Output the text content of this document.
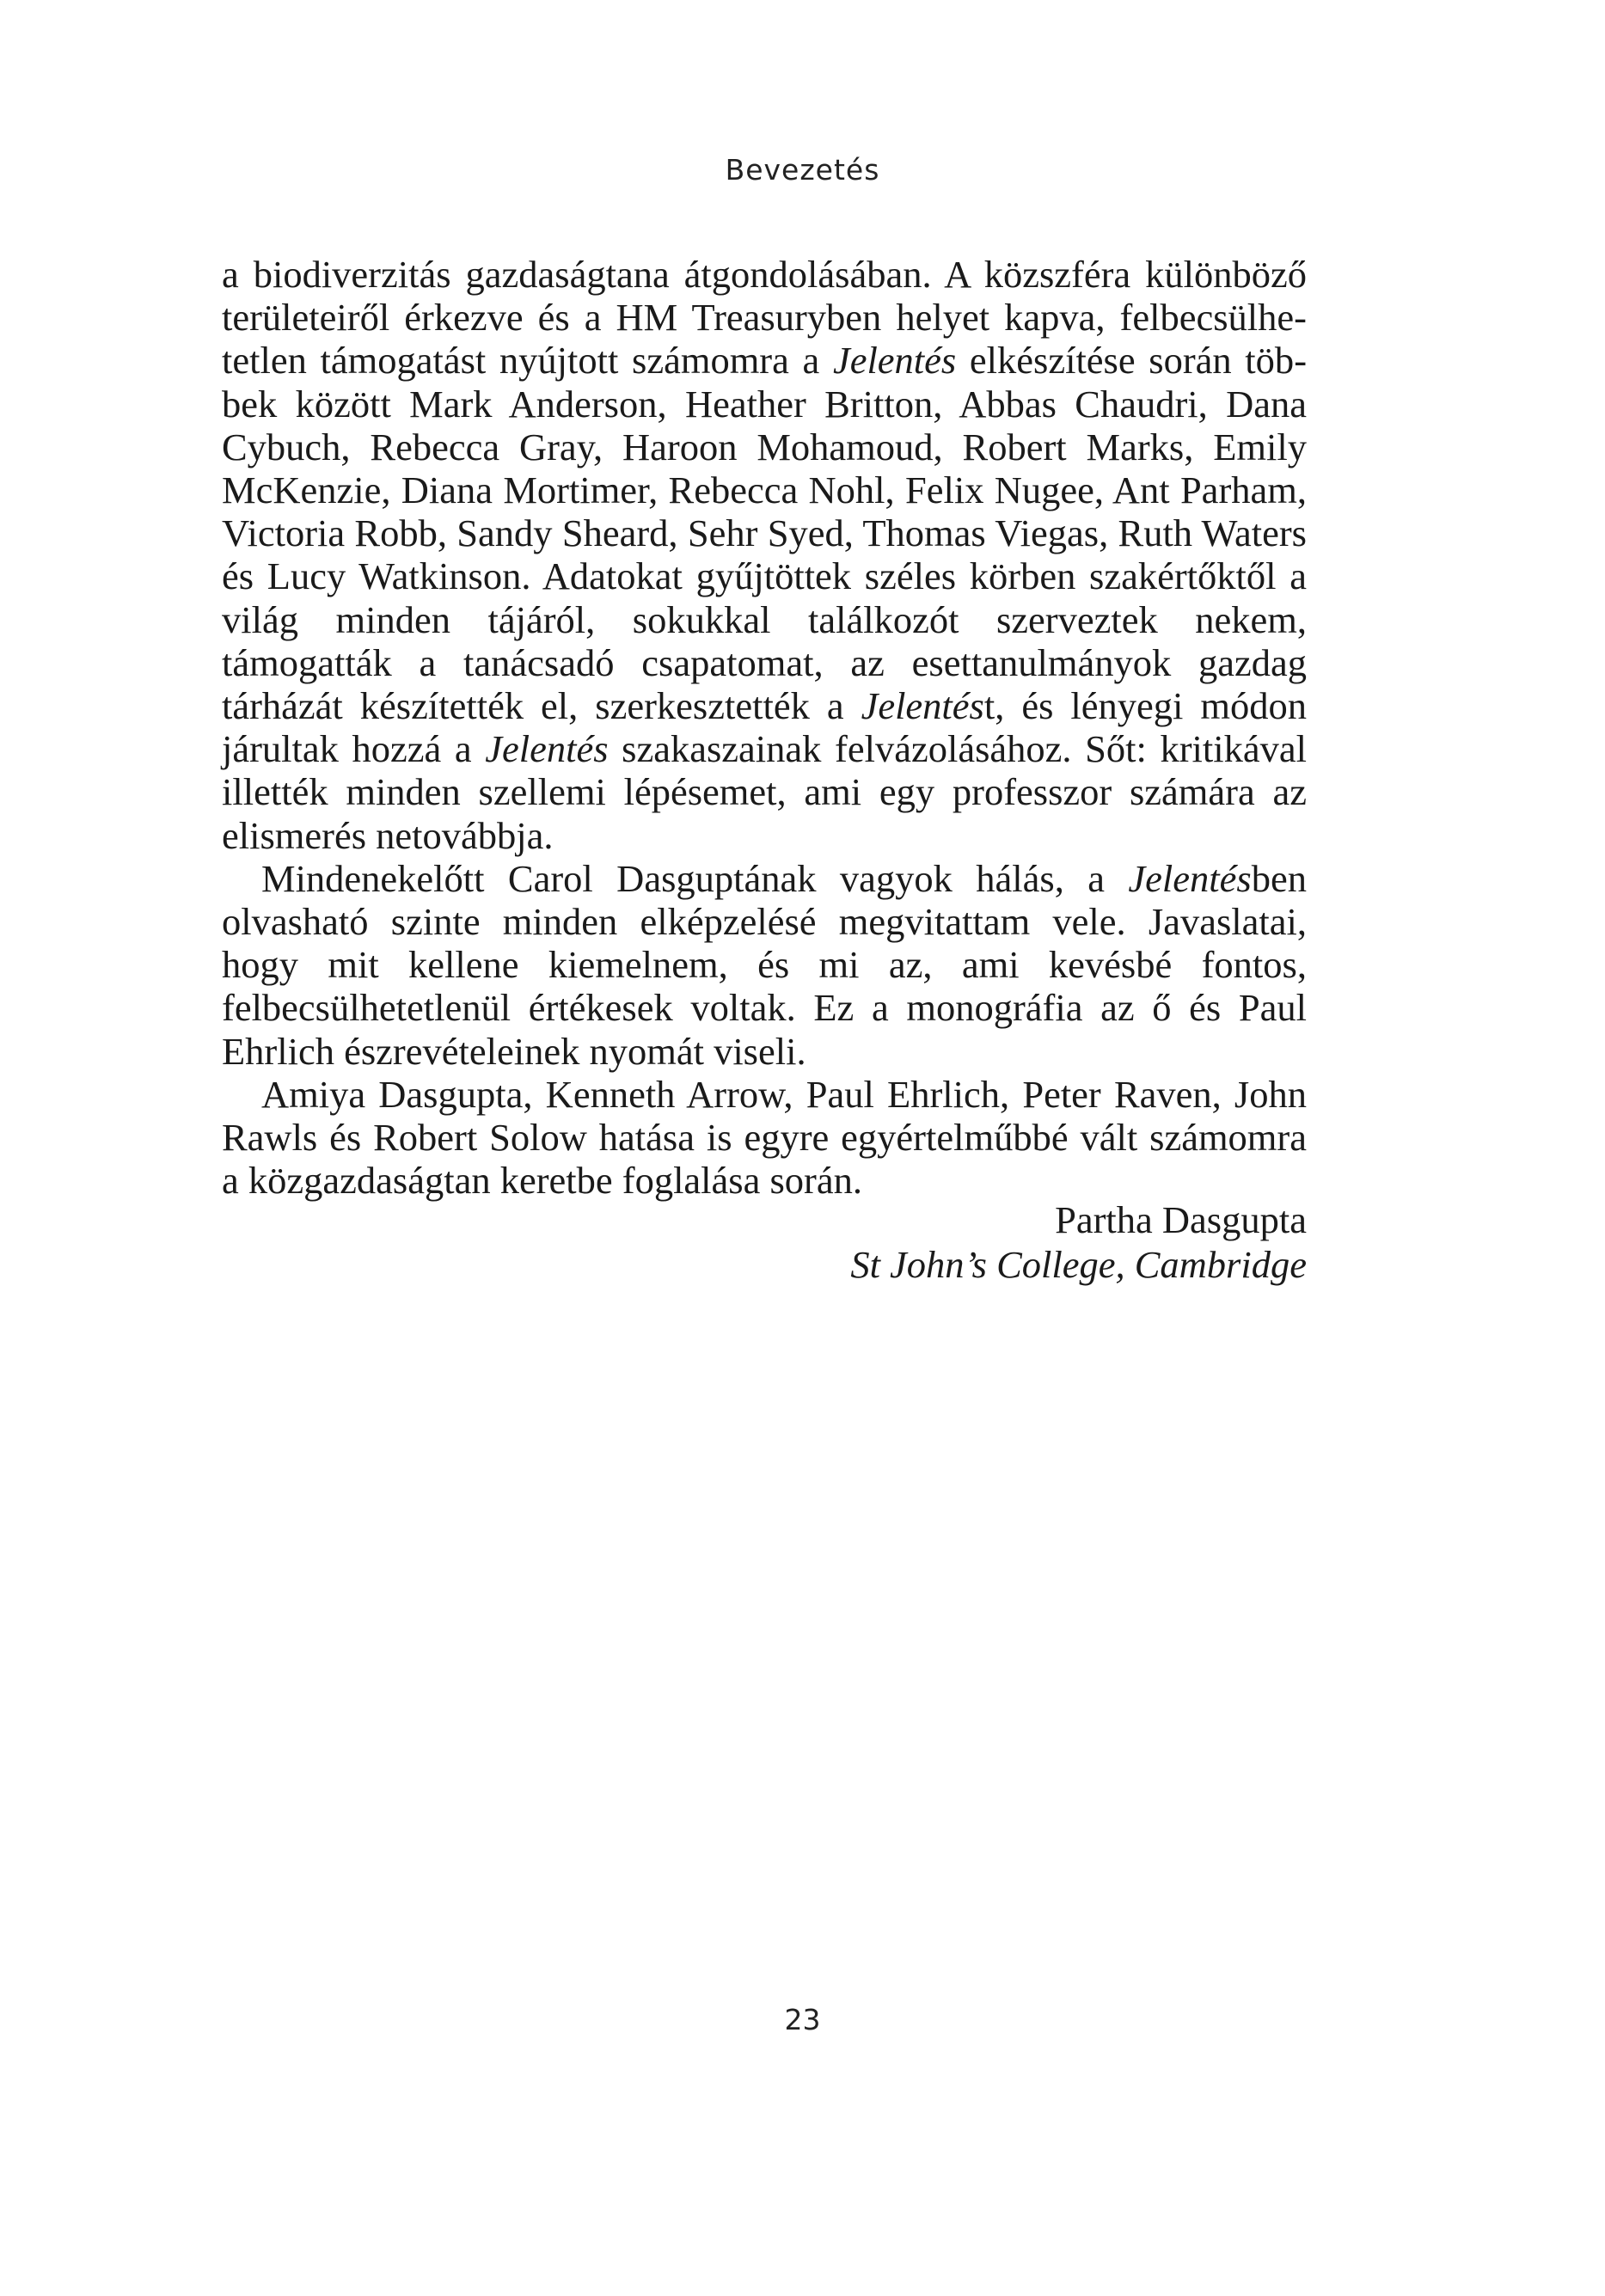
Bevezetés

a biodiverzitás gazdaságtana átgondolásában. A közszféra különböző területeiről érkezve és a HM Treasuryben helyet kapva, felbecsülhetetlen támogatást nyújtott számomra a Jelentés elkészítése során többek között Mark Anderson, Heather Britton, Abbas Chaudri, Dana Cybuch, Rebecca Gray, Haroon Mohamoud, Robert Marks, Emily McKenzie, Diana Mortimer, Rebecca Nohl, Felix Nugee, Ant Parham, Victoria Robb, Sandy Sheard, Sehr Syed, Thomas Viegas, Ruth Waters és Lucy Watkinson. Adatokat gyűjtöttek széles körben szakértőktől a világ minden tájáról, sokukkal találkozót szerveztek nekem, támogatták a tanácsadó csapatomat, az esettanulmányok gazdag tárházát készítették el, szerkesztették a Jelentést, és lényegi módon járultak hozzá a Jelentés szakaszainak felvázolásához. Sőt: kritikával illették minden szellemi lépésemet, ami egy professzor számára az elismerés netovábbja.

Mindenekelőtt Carol Dasguptának vagyok hálás, a Jelentésben olvasható szinte minden elképzelésé megvitattam vele. Javaslatai, hogy mit kellene kiemelnem, és mi az, ami kevésbé fontos, felbecsülhetetlenül értékesek voltak. Ez a monográfia az ő és Paul Ehrlich észrevételeinek nyomát viseli.

Amiya Dasgupta, Kenneth Arrow, Paul Ehrlich, Peter Raven, John Rawls és Robert Solow hatása is egyre egyértelműbbé vált számomra a közgazdaságtan keretbe foglalása során.

Partha Dasgupta
St John’s College, Cambridge
23
